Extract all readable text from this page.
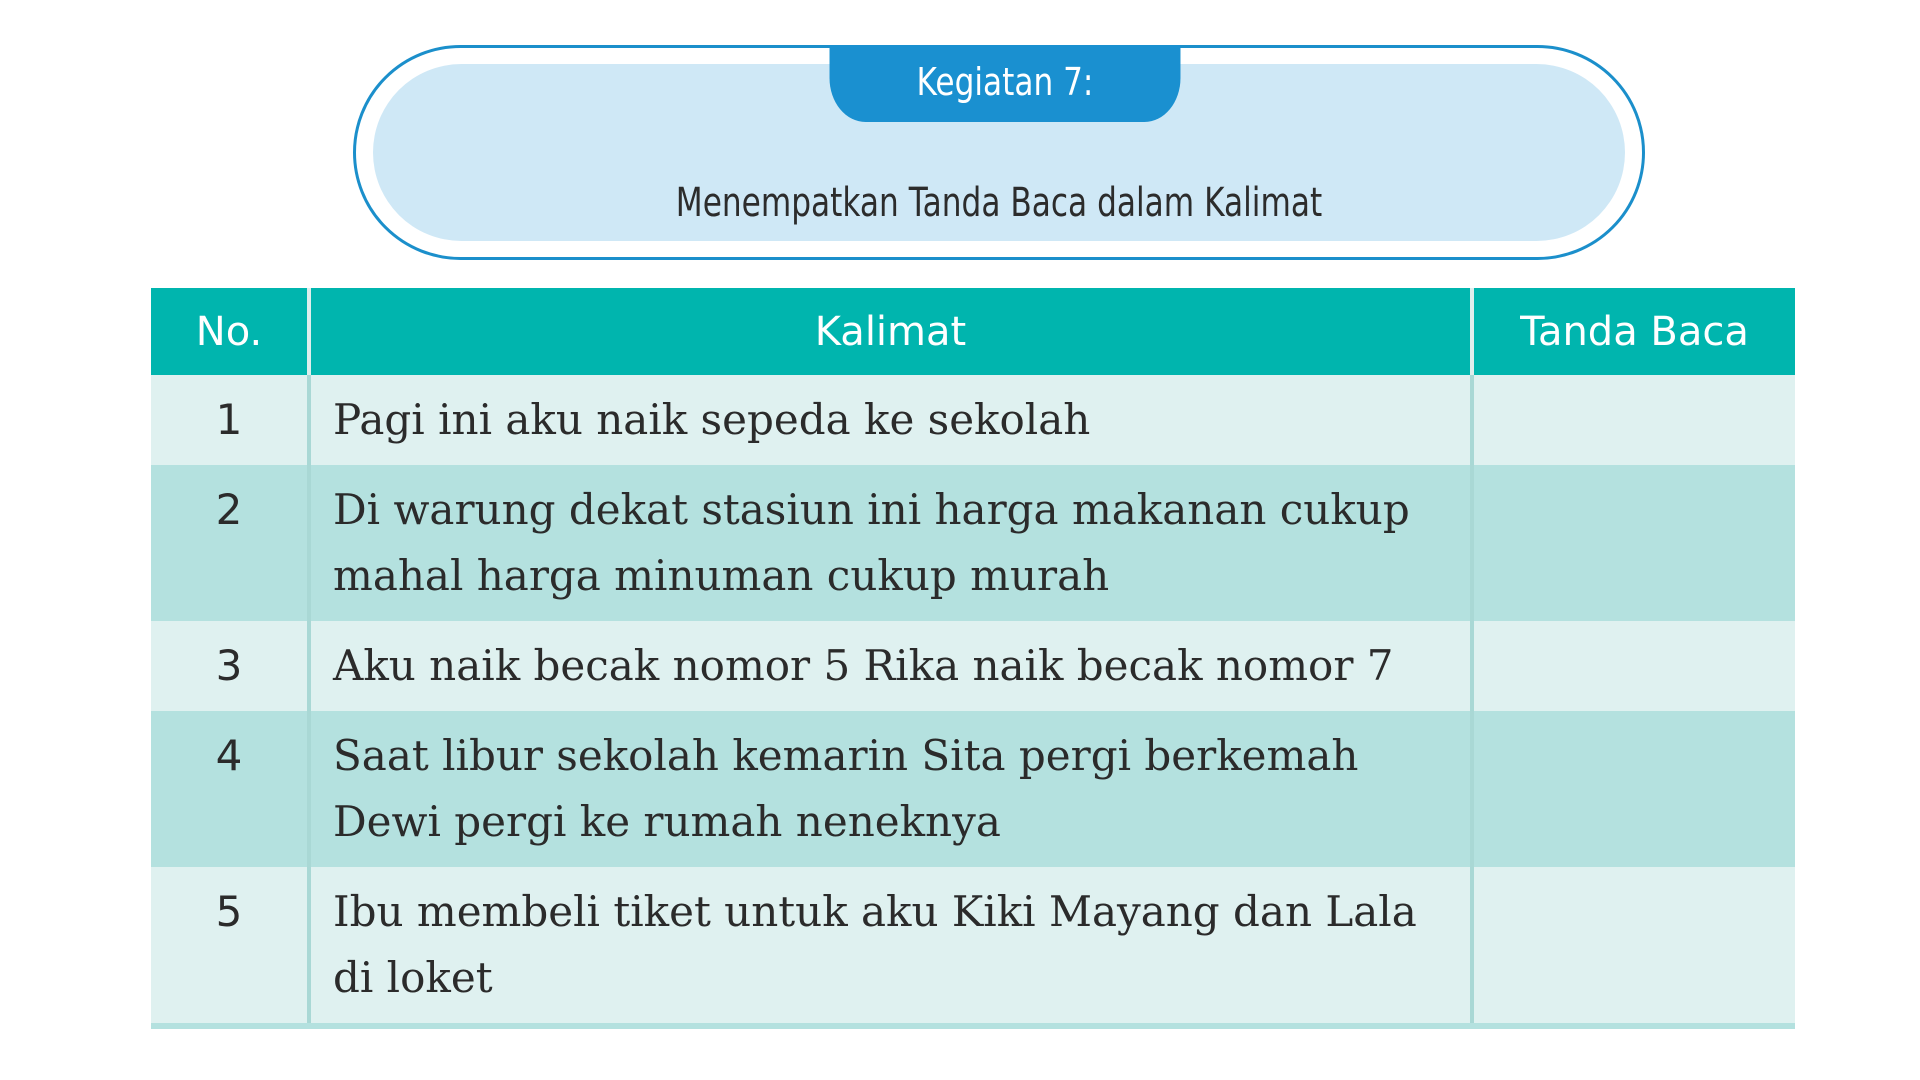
Kegiatan 7:
Menempatkan Tanda Baca dalam Kalimat
No.	Kalimat	Tanda Baca
1	Pagi ini aku naik sepeda ke sekolah	
2	Di warung dekat stasiun ini harga makanan cukup mahal harga minuman cukup murah	
3	Aku naik becak nomor 5 Rika naik becak nomor 7	
4	Saat libur sekolah kemarin Sita pergi berkemah Dewi pergi ke rumah neneknya	
5	Ibu membeli tiket untuk aku Kiki Mayang dan Lala di loket	
